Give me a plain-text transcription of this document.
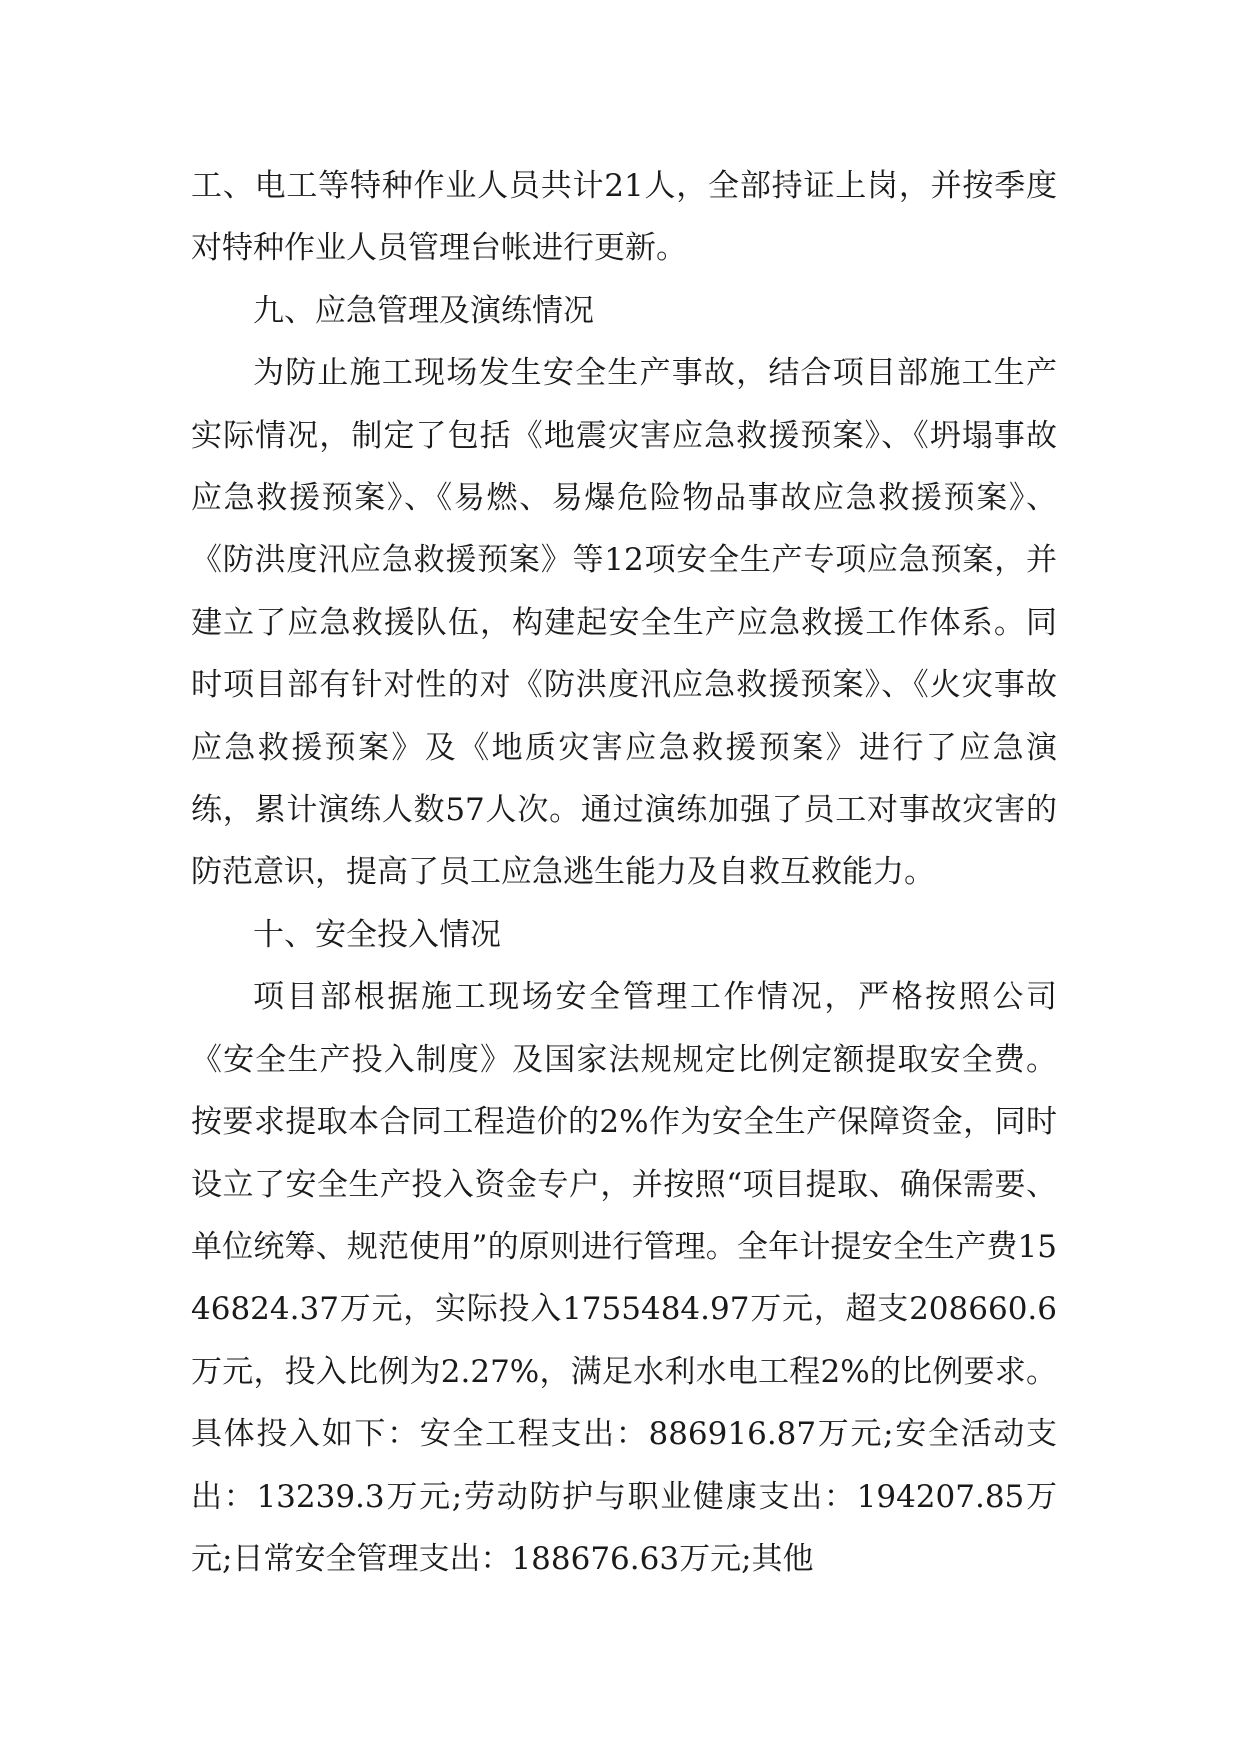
工、电工等特种作业人员共计21人，全部持证上岗，并按季度对特种作业人员管理台帐进行更新。

九、应急管理及演练情况

为防止施工现场发生安全生产事故，结合项目部施工生产实际情况，制定了包括《地震灾害应急救援预案》、《坍塌事故应急救援预案》、《易燃、易爆危险物品事故应急救援预案》、《防洪度汛应急救援预案》等12项安全生产专项应急预案，并建立了应急救援队伍，构建起安全生产应急救援工作体系。同时项目部有针对性的对《防洪度汛应急救援预案》、《火灾事故应急救援预案》及《地质灾害应急救援预案》进行了应急演练，累计演练人数57人次。通过演练加强了员工对事故灾害的防范意识，提高了员工应急逃生能力及自救互救能力。

十、安全投入情况

项目部根据施工现场安全管理工作情况，严格按照公司《安全生产投入制度》及国家法规规定比例定额提取安全费。按要求提取本合同工程造价的2%作为安全生产保障资金，同时设立了安全生产投入资金专户，并按照“项目提取、确保需要、单位统筹、规范使用”的原则进行管理。全年计提安全生产费1546824.37万元，实际投入1755484.97万元，超支208660.6万元，投入比例为2.27%，满足水利水电工程2%的比例要求。具体投入如下：安全工程支出：886916.87万元;安全活动支出：13239.3万元;劳动防护与职业健康支出：194207.85万元;日常安全管理支出：188676.63万元;其他
